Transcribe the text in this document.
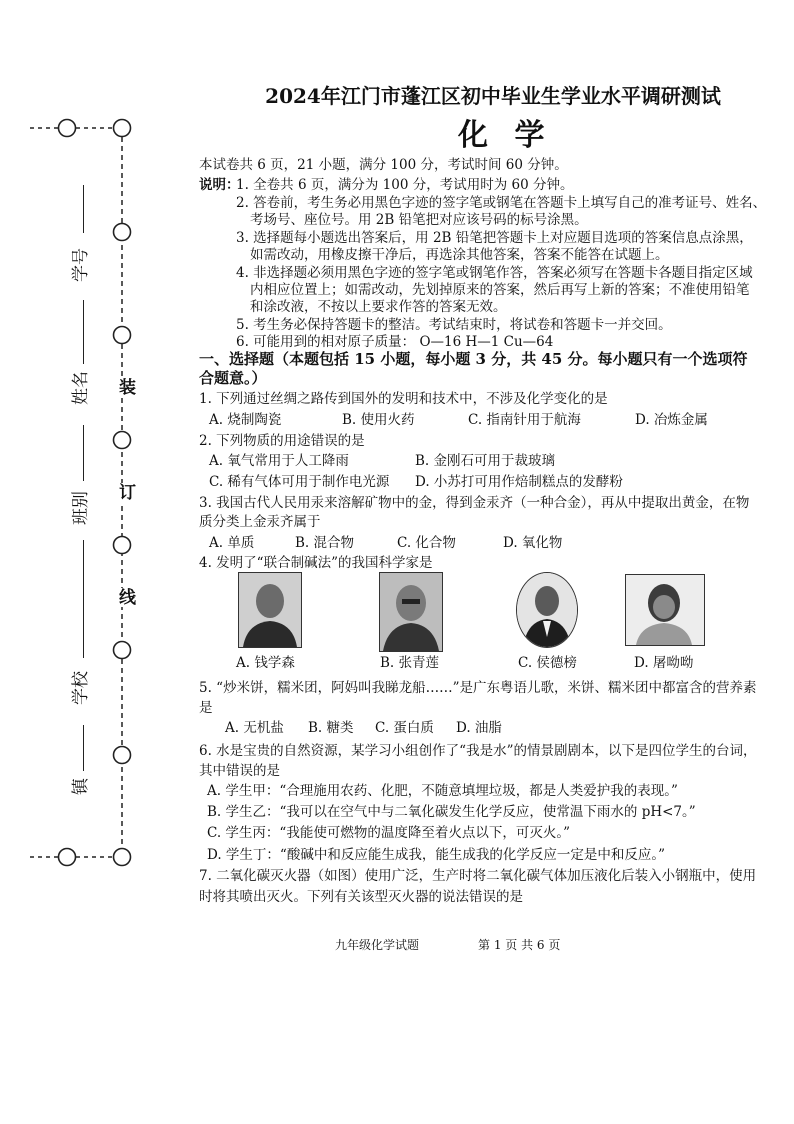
装
订
线
学号
姓名
班别
学校
镇
2024年江门市蓬江区初中毕业生学业水平调研测试
化 学
本试卷共 6 页，21 小题，满分 100 分，考试时间 60 分钟。
说明：
1. 全卷共 6 页，满分为 100 分，考试用时为 60 分钟。
2. 答卷前，考生务必用黑色字迹的签字笔或钢笔在答题卡上填写自己的准考证号、姓名、
考场号、座位号。用 2B 铅笔把对应该号码的标号涂黑。
3. 选择题每小题选出答案后，用 2B 铅笔把答题卡上对应题目选项的答案信息点涂黑，
如需改动，用橡皮擦干净后，再选涂其他答案，答案不能答在试题上。
4. 非选择题必须用黑色字迹的签字笔或钢笔作答，答案必须写在答题卡各题目指定区域
内相应位置上；如需改动，先划掉原来的答案，然后再写上新的答案；不准使用铅笔
和涂改液，不按以上要求作答的答案无效。
5. 考生务必保持答题卡的整洁。考试结束时，将试卷和答题卡一并交回。
6. 可能用到的相对原子质量： O—16 H—1 Cu—64
一、选择题（本题包括 15 小题，每小题 3 分，共 45 分。每小题只有一个选项符
合题意。）
1. 下列通过丝绸之路传到国外的发明和技术中，不涉及化学变化的是
A. 烧制陶瓷	B. 使用火药	C. 指南针用于航海	D. 冶炼金属
2. 下列物质的用途错误的是
A. 氧气常用于人工降雨	B. 金刚石可用于裁玻璃
C. 稀有气体可用于制作电光源 D. 小苏打可用作焙制糕点的发酵粉
3. 我国古代人民用汞来溶解矿物中的金，得到金汞齐（一种合金），再从中提取出黄金，在物
质分类上金汞齐属于
A. 单质	B. 混合物	C. 化合物	D. 氧化物
4. 发明了“联合制碱法”的我国科学家是
A. 钱学森	B. 张青莲	C. 侯德榜	D. 屠呦呦
5. “炒米饼，糯米团，阿妈叫我睇龙船……”是广东粤语儿歌，米饼、糯米团中都富含的营养素
是
A. 无机盐 B. 糖类 C. 蛋白质 D. 油脂
6. 水是宝贵的自然资源，某学习小组创作了“我是水”的情景剧剧本，以下是四位学生的台词，
其中错误的是
A. 学生甲：“合理施用农药、化肥，不随意填埋垃圾，都是人类爱护我的表现。”
B. 学生乙：“我可以在空气中与二氧化碳发生化学反应，使常温下雨水的 pH<7。”
C. 学生丙：“我能使可燃物的温度降至着火点以下，可灭火。”
D. 学生丁：“酸碱中和反应能生成我，能生成我的化学反应一定是中和反应。”
7. 二氧化碳灭火器（如图）使用广泛，生产时将二氧化碳气体加压液化后装入小钢瓶中，使用
时将其喷出灭火。下列有关该型灭火器的说法错误的是
九年级化学试题	第 1 页 共 6 页
